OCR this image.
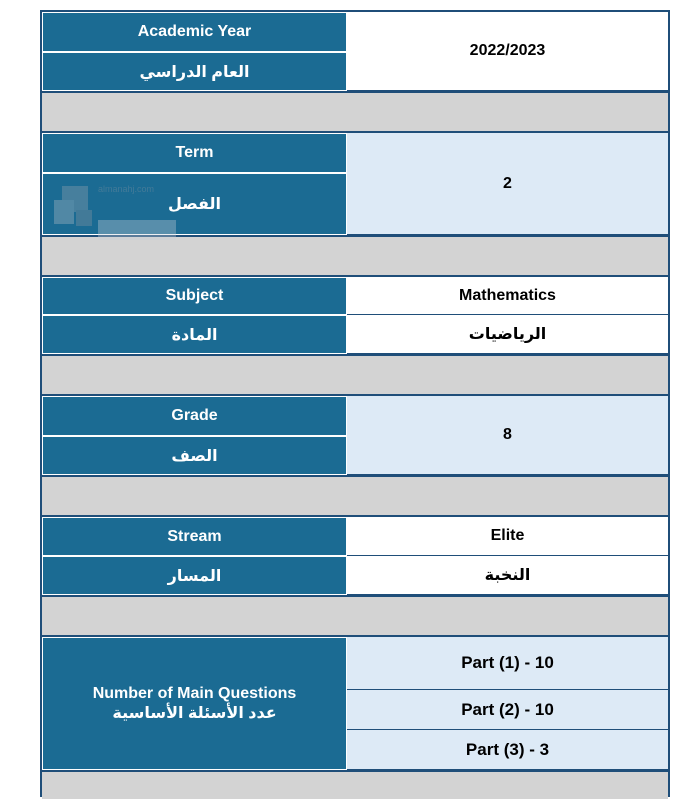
Academic Year
العام الدراسي
2022/2023
Term
الفصل
2
Subject
المادة
Mathematics
الرياضيات
Grade
الصف
8
Stream
المسار
Elite
النخبة
Number of Main Questions
عدد الأسئلة الأساسية
Part (1) - 10
Part (2) - 10
Part (3) - 3
almanahj.com
